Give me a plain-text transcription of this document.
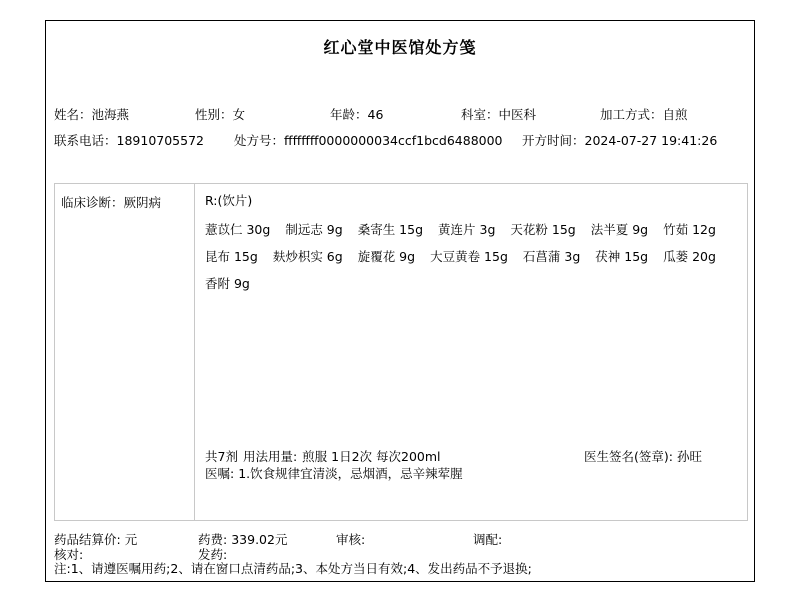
红心堂中医馆处方笺
姓名：池海燕	性别：女	年龄：46	科室：中医科	加工方式：自煎
联系电话：18910705572 处方号：ffffffff0000000034ccf1bcd6488000 开方时间：2024-07-27 19:41:26
临床诊断：厥阴病	R:(饮片)
薏苡仁 30g 制远志 9g 桑寄生 15g 黄连片 3g 天花粉 15g 法半夏 9g 竹茹 12g
昆布 15g 麸炒枳实 6g 旋覆花 9g 大豆黄卷 15g 石菖蒲 3g 茯神 15g 瓜蒌 20g
香附 9g
共7剂 用法用量: 煎服 1日2次 每次200ml	医生签名(签章): 孙旺
医嘱: 1.饮食规律宜清淡，忌烟酒，忌辛辣荤腥
药品结算价: 元	药费: 339.02元	审核:	调配:
核对:	发药:
注:1、请遵医嘱用药;2、请在窗口点清药品;3、本处方当日有效;4、发出药品不予退换;
